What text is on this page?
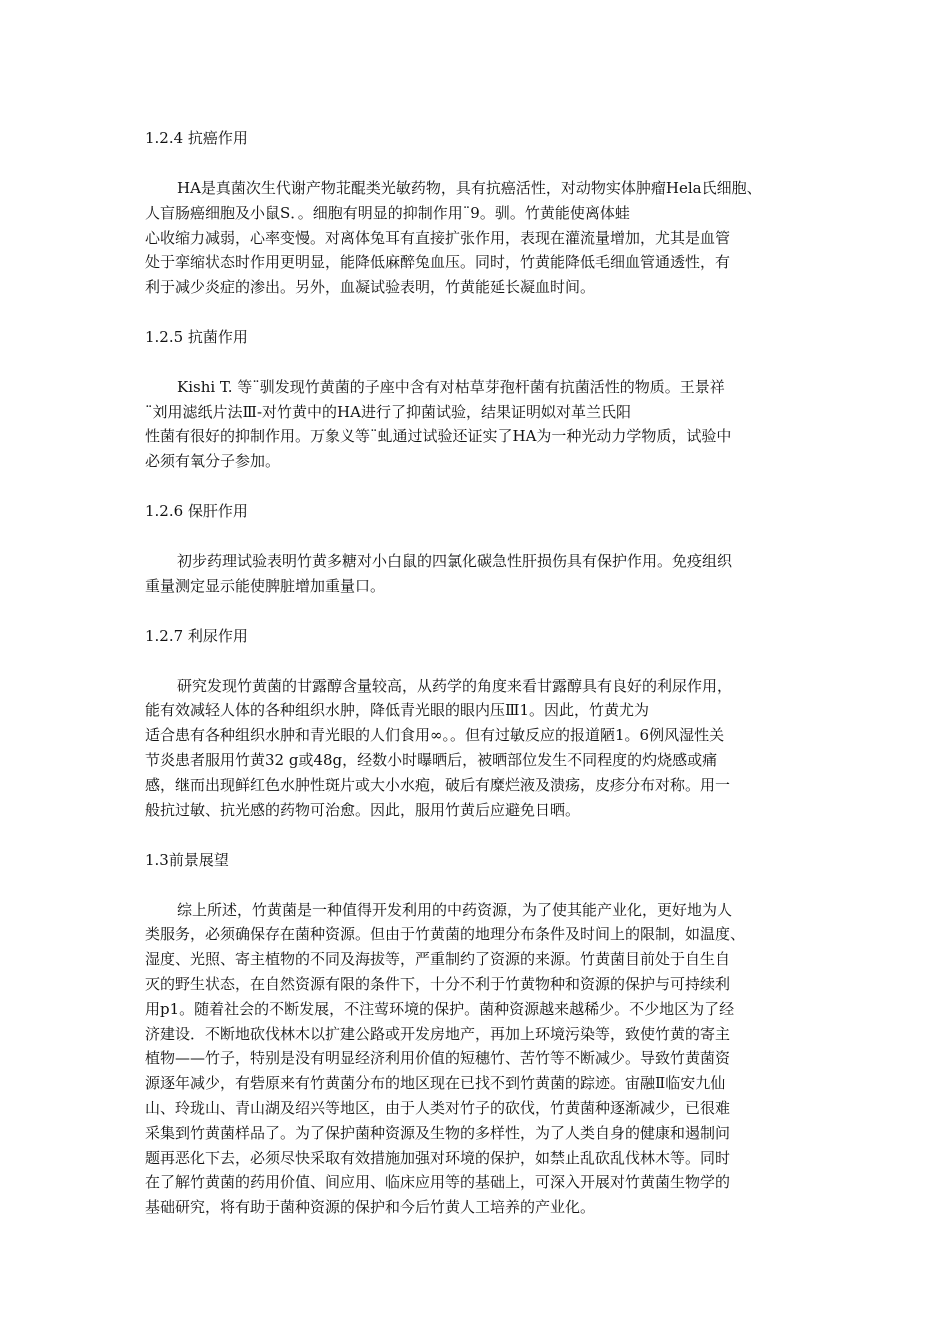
1.2.4 抗癌作用
HA是真菌次生代谢产物苝醌类光敏药物，具有抗癌活性，对动物实体肿瘤Hela氏细胞、
人盲肠癌细胞及小鼠S．。细胞有明显的抑制作用¨9。驯。竹黄能使离体蛙
心收缩力减弱，心率变慢。对离体兔耳有直接扩张作用，表现在灌流量增加，尤其是血管
处于挛缩状态时作用更明显，能降低麻醉兔血压。同时，竹黄能降低毛细血管通透性，有
利于减少炎症的渗出。另外，血凝试验表明，竹黄能延长凝血时间。
1.2.5 抗菌作用
Kishi T. 等¨驯发现竹黄菌的子座中含有对枯草芽孢杆菌有抗菌活性的物质。王景祥
¨刘用滤纸片法Ⅲ-对竹黄中的HA进行了抑菌试验，结果证明姒对革兰氏阳
性菌有很好的抑制作用。万象义等¨虬通过试验还证实了HA为一种光动力学物质，试验中
必须有氧分子参加。
1.2.6 保肝作用
初步药理试验表明竹黄多糖对小白鼠的四氯化碳急性肝损伤具有保护作用。免疫组织
重量测定显示能使脾脏增加重量口。
1.2.7 利尿作用
研究发现竹黄菌的甘露醇含量较高，从药学的角度来看甘露醇具有良好的利尿作用，
能有效减轻人体的各种组织水肿，降低青光眼的眼内压Ⅲ1。因此，竹黄尤为
适合患有各种组织水肿和青光眼的人们食用∞。。但有过敏反应的报道陋1。6例风湿性关
节炎患者服用竹黄32 g或48g，经数小时曝晒后，被晒部位发生不同程度的灼烧感或痛
感，继而出现鲜红色水肿性斑片或大小水疱，破后有糜烂液及溃疡，皮疹分布对称。用一
般抗过敏、抗光感的药物可治愈。因此，服用竹黄后应避免日晒。
1.3前景展望
综上所述，竹黄菌是一种值得开发利用的中药资源，为了使其能产业化，更好地为人
类服务，必须确保存在菌种资源。但由于竹黄菌的地理分布条件及时间上的限制，如温度、
湿度、光照、寄主植物的不同及海拔等，严重制约了资源的来源。竹黄菌目前处于自生自
灭的野生状态，在自然资源有限的条件下，十分不利于竹黄物种和资源的保护与可持续利
用p1。随着社会的不断发展，不注莺环境的保护。菌种资源越来越稀少。不少地区为了经
济建设．不断地砍伐林木以扩建公路或开发房地产，再加上环境污染等，致使竹黄的寄主
植物——竹子，特别是没有明显经济利用价值的短穗竹、苦竹等不断减少。导致竹黄菌资
源逐年减少，有砦原来有竹黄菌分布的地区现在已找不到竹黄菌的踪迹。宙融Ⅱ临安九仙
山、玲珑山、青山湖及绍兴等地区，由于人类对竹子的砍伐，竹黄菌种逐渐减少，已很难
采集到竹黄菌样品了。为了保护菌种资源及生物的多样性，为了人类自身的健康和遏制问
题再恶化下去，必须尽快采取有效措施加强对环境的保护，如禁止乱砍乱伐林木等。同时
在了解竹黄菌的药用价值、间应用、临床应用等的基础上，可深入开展对竹黄菌生物学的
基础研究，将有助于菌种资源的保护和今后竹黄人工培养的产业化。
